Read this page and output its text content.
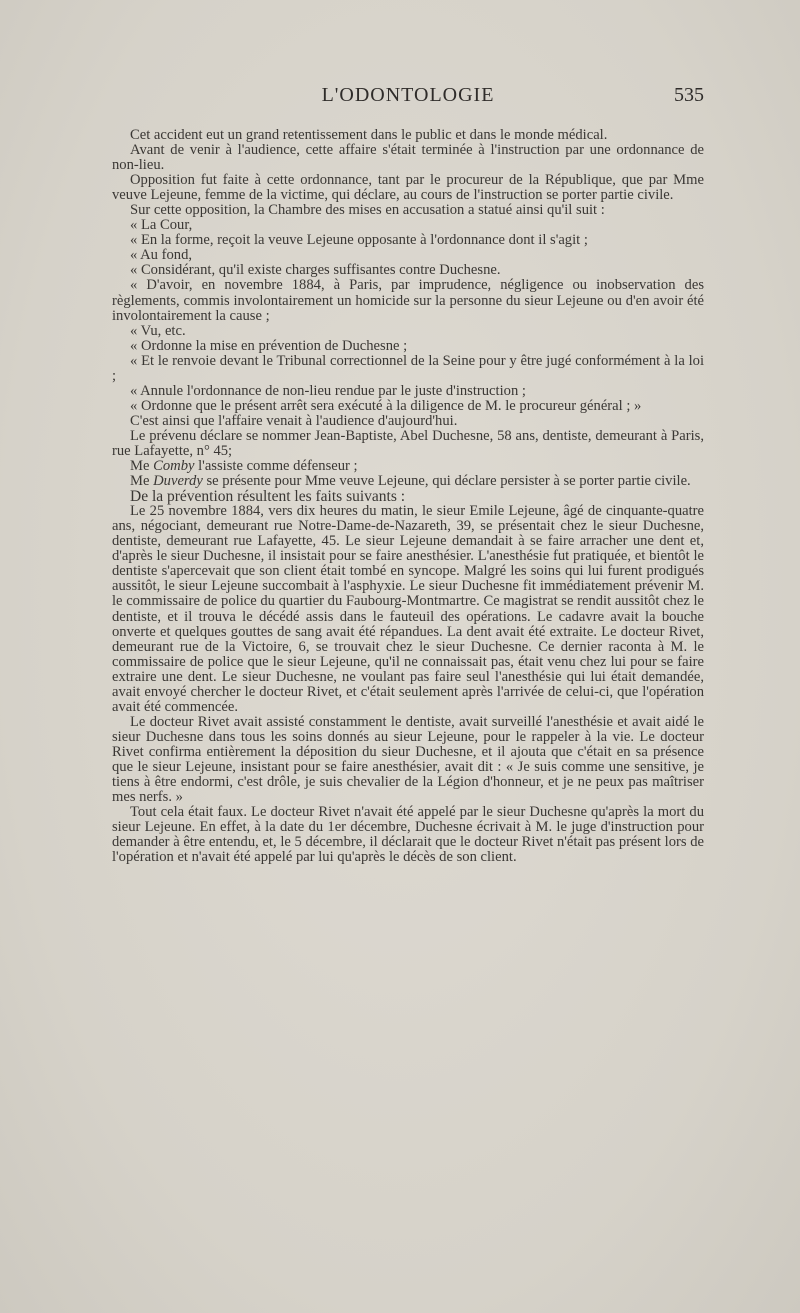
L'ODONTOLOGIE	535

Cet accident eut un grand retentissement dans le public et dans le monde médical.

Avant de venir à l'audience, cette affaire s'était terminée à l'instruction par une ordonnance de non-lieu.

Opposition fut faite à cette ordonnance, tant par le procureur de la République, que par Mme veuve Lejeune, femme de la victime, qui déclare, au cours de l'instruction se porter partie civile.

Sur cette opposition, la Chambre des mises en accusation a statué ainsi qu'il suit :

« La Cour,

« En la forme, reçoit la veuve Lejeune opposante à l'ordonnance dont il s'agit ;

« Au fond,

« Considérant, qu'il existe charges suffisantes contre Duchesne.

« D'avoir, en novembre 1884, à Paris, par imprudence, négligence ou inobservation des règlements, commis involontairement un homicide sur la personne du sieur Lejeune ou d'en avoir été involontairement la cause ;

« Vu, etc.

« Ordonne la mise en prévention de Duchesne ;

« Et le renvoie devant le Tribunal correctionnel de la Seine pour y être jugé conformément à la loi ;

« Annule l'ordonnance de non-lieu rendue par le juste d'instruction ;

« Ordonne que le présent arrêt sera exécuté à la diligence de M. le procureur général ; »

C'est ainsi que l'affaire venait à l'audience d'aujourd'hui.

Le prévenu déclare se nommer Jean-Baptiste, Abel Duchesne, 58 ans, dentiste, demeurant à Paris, rue Lafayette, n° 45;

Me Comby l'assiste comme défenseur ;

Me Duverdy se présente pour Mme veuve Lejeune, qui déclare persister à se porter partie civile.

De la prévention résultent les faits suivants :

Le 25 novembre 1884, vers dix heures du matin, le sieur Emile Lejeune, âgé de cinquante-quatre ans, négociant, demeurant rue Notre-Dame-de-Nazareth, 39, se présentait chez le sieur Duchesne, dentiste, demeurant rue Lafayette, 45. Le sieur Lejeune demandait à se faire arracher une dent et, d'après le sieur Duchesne, il insistait pour se faire anesthésier. L'anesthésie fut pratiquée, et bientôt le dentiste s'apercevait que son client était tombé en syncope. Malgré les soins qui lui furent prodigués aussitôt, le sieur Lejeune succombait à l'asphyxie. Le sieur Duchesne fit immédiatement prévenir M. le commissaire de police du quartier du Faubourg-Montmartre. Ce magistrat se rendit aussitôt chez le dentiste, et il trouva le décédé assis dans le fauteuil des opérations. Le cadavre avait la bouche onverte et quelques gouttes de sang avait été répandues. La dent avait été extraite. Le docteur Rivet, demeurant rue de la Victoire, 6, se trouvait chez le sieur Duchesne. Ce dernier raconta à M. le commissaire de police que le sieur Lejeune, qu'il ne connaissait pas, était venu chez lui pour se faire extraire une dent. Le sieur Duchesne, ne voulant pas faire seul l'anesthésie qui lui était demandée, avait envoyé chercher le docteur Rivet, et c'était seulement après l'arrivée de celui-ci, que l'opération avait été commencée.

Le docteur Rivet avait assisté constamment le dentiste, avait surveillé l'anesthésie et avait aidé le sieur Duchesne dans tous les soins donnés au sieur Lejeune, pour le rappeler à la vie. Le docteur Rivet confirma entièrement la déposition du sieur Duchesne, et il ajouta que c'était en sa présence que le sieur Lejeune, insistant pour se faire anesthésier, avait dit : « Je suis comme une sensitive, je tiens à être endormi, c'est drôle, je suis chevalier de la Légion d'honneur, et je ne peux pas maîtriser mes nerfs. »

Tout cela était faux. Le docteur Rivet n'avait été appelé par le sieur Duchesne qu'après la mort du sieur Lejeune. En effet, à la date du 1er décembre, Duchesne écrivait à M. le juge d'instruction pour demander à être entendu, et, le 5 décembre, il déclarait que le docteur Rivet n'était pas présent lors de l'opération et n'avait été appelé par lui qu'après le décès de son client.
